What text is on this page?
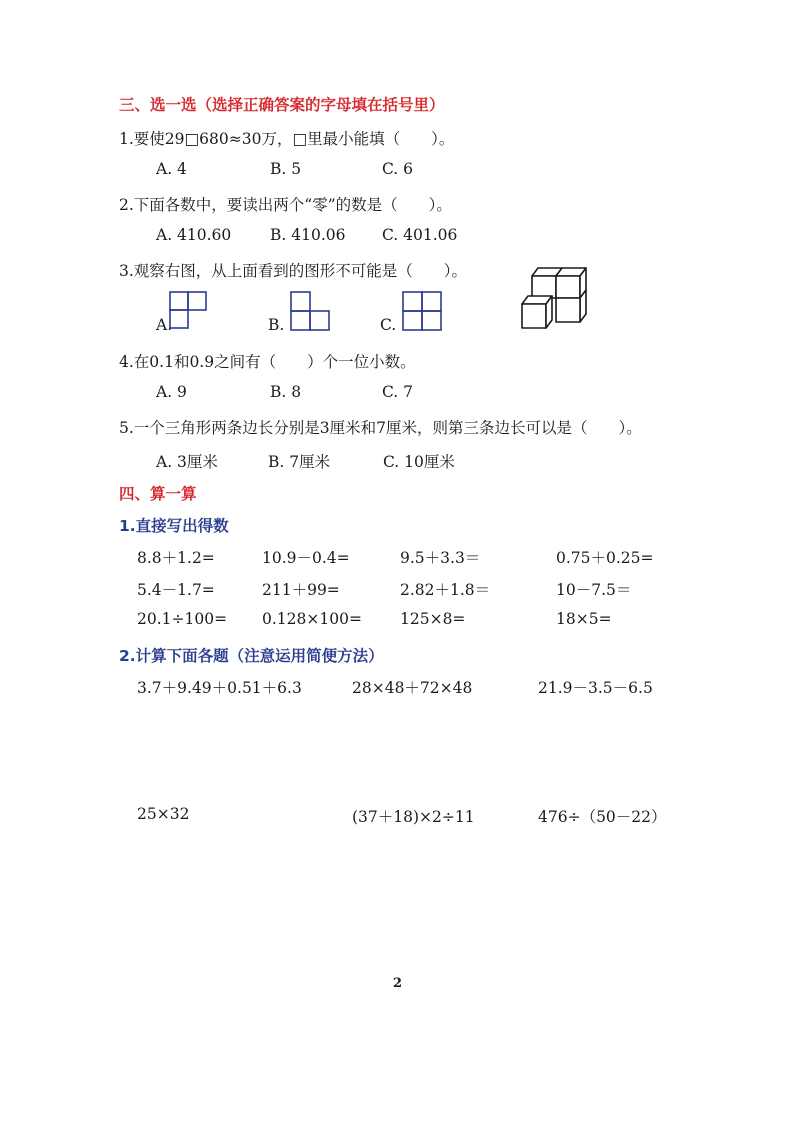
三、选一选（选择正确答案的字母填在括号里）
1.要使29□680≈30万，□里最小能填（　　）。
A. 4	B. 5	C. 6
2.下面各数中，要读出两个“零”的数是（　　）。
A. 410.60 B. 410.06 C. 401.06
3.观察右图，从上面看到的图形不可能是（　　）。
A.	B.	C.
4.在0.1和0.9之间有（　　）个一位小数。
A. 9	B. 8	C. 7
5.一个三角形两条边长分别是3厘米和7厘米，则第三条边长可以是（　　）。
A. 3厘米	B. 7厘米	C. 10厘米
四、算一算
1.直接写出得数
8.8＋1.2=	10.9－0.4=	9.5＋3.3＝	0.75＋0.25=
5.4－1.7=	211＋99=	2.82＋1.8＝	10－7.5＝
20.1÷100= 0.128×100= 125×8=	18×5=
2.计算下面各题（注意运用简便方法）
3.7＋9.49＋0.51＋6.3	28×48＋72×48	21.9－3.5－6.5
25×32	(37＋18)×2÷11	476÷（50－22）
2
